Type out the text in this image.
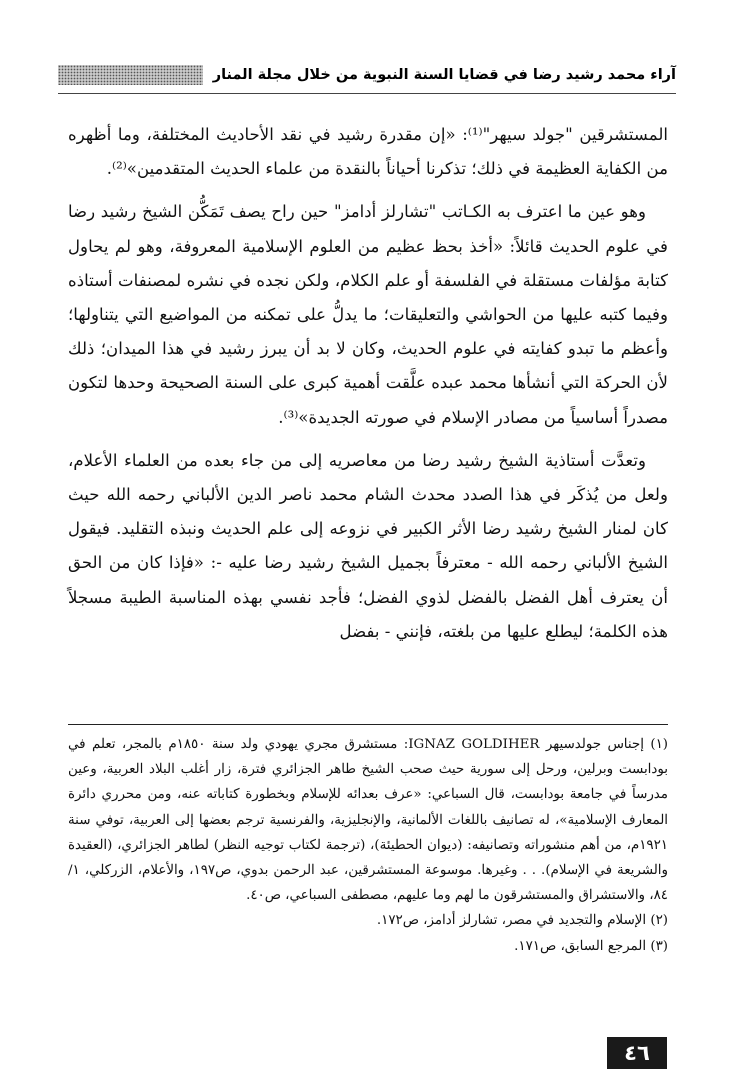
آراء محمد رشيد رضا في قضايا السنة النبوية من خلال مجلة المنار

المستشرقين "جولد سيهر"⁽¹⁾: «إن مقدرة رشيد في نقد الأحاديث المختلفة، وما أظهره من الكفاية العظيمة في ذلك؛ تذكرنا أحياناً بالنقدة من علماء الحديث المتقدمين»⁽²⁾.

وهو عين ما اعترف به الكـاتب "تشارلز أدامز" حين راح يصف تَمَكُّن الشيخ رشيد رضا في علوم الحديث قائلاً: «أخذ بحظ عظيم من العلوم الإسلامية المعروفة، وهو لم يحاول كتابة مؤلفات مستقلة في الفلسفة أو علم الكلام، ولكن نجده في نشره لمصنفات أستاذه وفيما كتبه عليها من الحواشي والتعليقات؛ ما يدلُّ على تمكنه من المواضيع التي يتناولها؛ وأعظم ما تبدو كفايته في علوم الحديث، وكان لا بد أن يبرز رشيد في هذا الميدان؛ ذلك لأن الحركة التي أنشأها محمد عبده علَّقت أهمية كبرى على السنة الصحيحة وحدها لتكون مصدراً أساسياً من مصادر الإسلام في صورته الجديدة»⁽³⁾.

وتعدَّت أستاذية الشيخ رشيد رضا من معاصريه إلى من جاء بعده من العلماء الأعلام، ولعل من يُذكَر في هذا الصدد محدث الشام محمد ناصر الدين الألباني رحمه الله حيث كان لمنار الشيخ رشيد رضا الأثر الكبير في نزوعه إلى علم الحديث ونبذه التقليد. فيقول الشيخ الألباني رحمه الله - معترفاً بجميل الشيخ رشيد رضا عليه -: «فإذا كان من الحق أن يعترف أهل الفضل بالفضل لذوي الفضل؛ فأجد نفسي بهذه المناسبة الطيبة مسجلاً هذه الكلمة؛ ليطلع عليها من بلغته، فإنني - بفضل

(١) إجناس جولدسيهر IGNAZ GOLDIHER: مستشرق مجري يهودي ولد سنة ١٨٥٠م بالمجر، تعلم في بودابست وبرلين، ورحل إلى سورية حيث صحب الشيخ طاهر الجزائري فترة، زار أغلب البلاد العربية، وعين مدرساً في جامعة بودابست، قال السباعي: «عرف بعدائه للإسلام وبخطورة كتاباته عنه، ومن محرري دائرة المعارف الإسلامية»، له تصانيف باللغات الألمانية، والإنجليزية، والفرنسية ترجم بعضها إلى العربية، توفي سنة ١٩٢١م، من أهم منشوراته وتصانيفه: (ديوان الحطيئة)، (ترجمة لكتاب توجيه النظر) لطاهر الجزائري، (العقيدة والشريعة في الإسلام). . . وغيرها. موسوعة المستشرقين، عبد الرحمن بدوي، ص١٩٧، والأعلام، الزركلي، ١/ ٨٤، والاستشراق والمستشرقون ما لهم وما عليهم، مصطفى السباعي، ص٤٠.

(٢) الإسلام والتجديد في مصر، تشارلز أدامز، ص١٧٢.

(٣) المرجع السابق، ص١٧١.

٤٦
